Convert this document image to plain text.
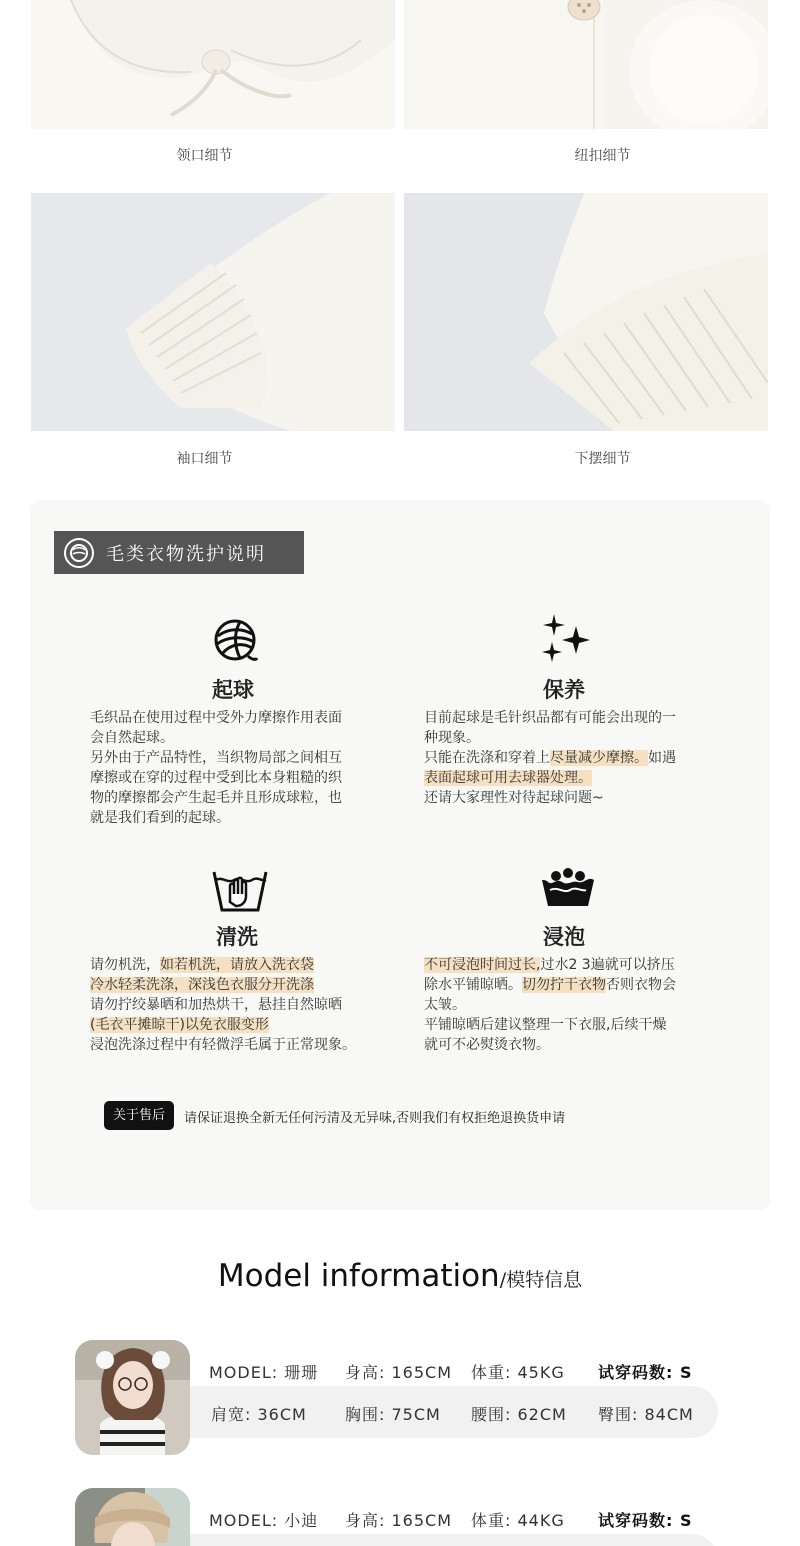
领口细节	纽扣细节
袖口细节	下摆细节
毛类衣物洗护说明
起球
毛织品在使用过程中受外力摩擦作用表面
会自然起球。
另外由于产品特性，当织物局部之间相互
摩擦或在穿的过程中受到比本身粗糙的织
物的摩擦都会产生起毛并且形成球粒，也
就是我们看到的起球。
保养
目前起球是毛针织品都有可能会出现的一
种现象。
只能在洗涤和穿着上尽量减少摩擦。如遇
表面起球可用去球器处理。
还请大家理性对待起球问题~
清洗
请勿机洗，如若机洗，请放入洗衣袋
冷水轻柔洗涤，深浅色衣服分开洗涤
请勿拧绞暴晒和加热烘干，悬挂自然晾晒
(毛衣平摊晾干)以免衣服变形
浸泡洗涤过程中有轻微浮毛属于正常现象。
浸泡
不可浸泡时间过长,过水2 3遍就可以挤压
除水平铺晾晒。切勿拧干衣物否则衣物会
太皱。
平铺晾晒后建议整理一下衣服,后续干燥
就可不必熨烫衣物。
关于售后	请保证退换全新无任何污清及无异味,否则我们有权拒绝退换货申请
Model information/模特信息
MODEL: 珊珊 身高: 165CM 体重: 45KG 试穿码数: S
肩宽: 36CM 胸围: 75CM 腰围: 62CM 臀围: 84CM
MODEL: 小迪 身高: 165CM 体重: 44KG 试穿码数: S
